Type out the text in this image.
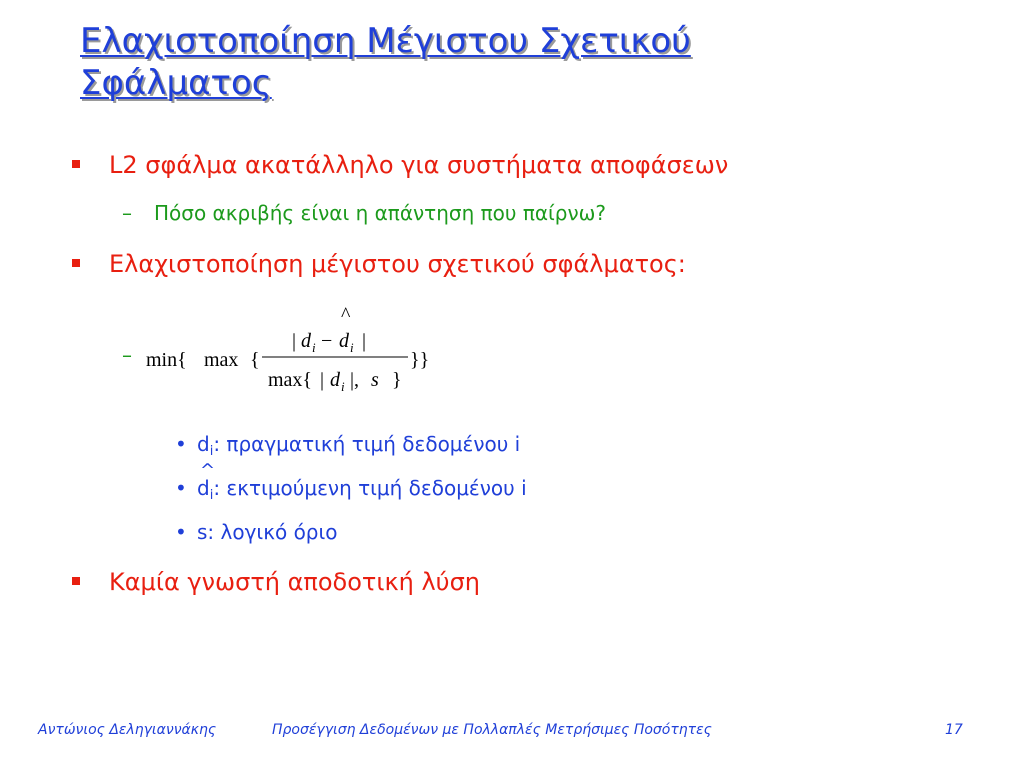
Ελαχιστοποίηση Μέγιστου Σχετικού
Σφάλματος
L2 σφάλμα ακατάλληλο για συστήματα αποφάσεων
– Πόσο ακριβής είναι η απάντηση που παίρνω?
Ελαχιστοποίηση μέγιστου σχετικού σφάλματος:
– min{ max {
| d i −
^
d i |
max{ | d i |, s }
}}
• $d_i$: πραγματική τιμή δεδομένου i
•
^ $d_i$: εκτιμούμενη τιμή δεδομένου i
• s: λογικό όριο
Καμία γνωστή αποδοτική λύση
Αντώνιος Δεληγιαννάκης	Προσέγγιση Δεδομένων με Πολλαπλές Μετρήσιμες Ποσότητες	17
